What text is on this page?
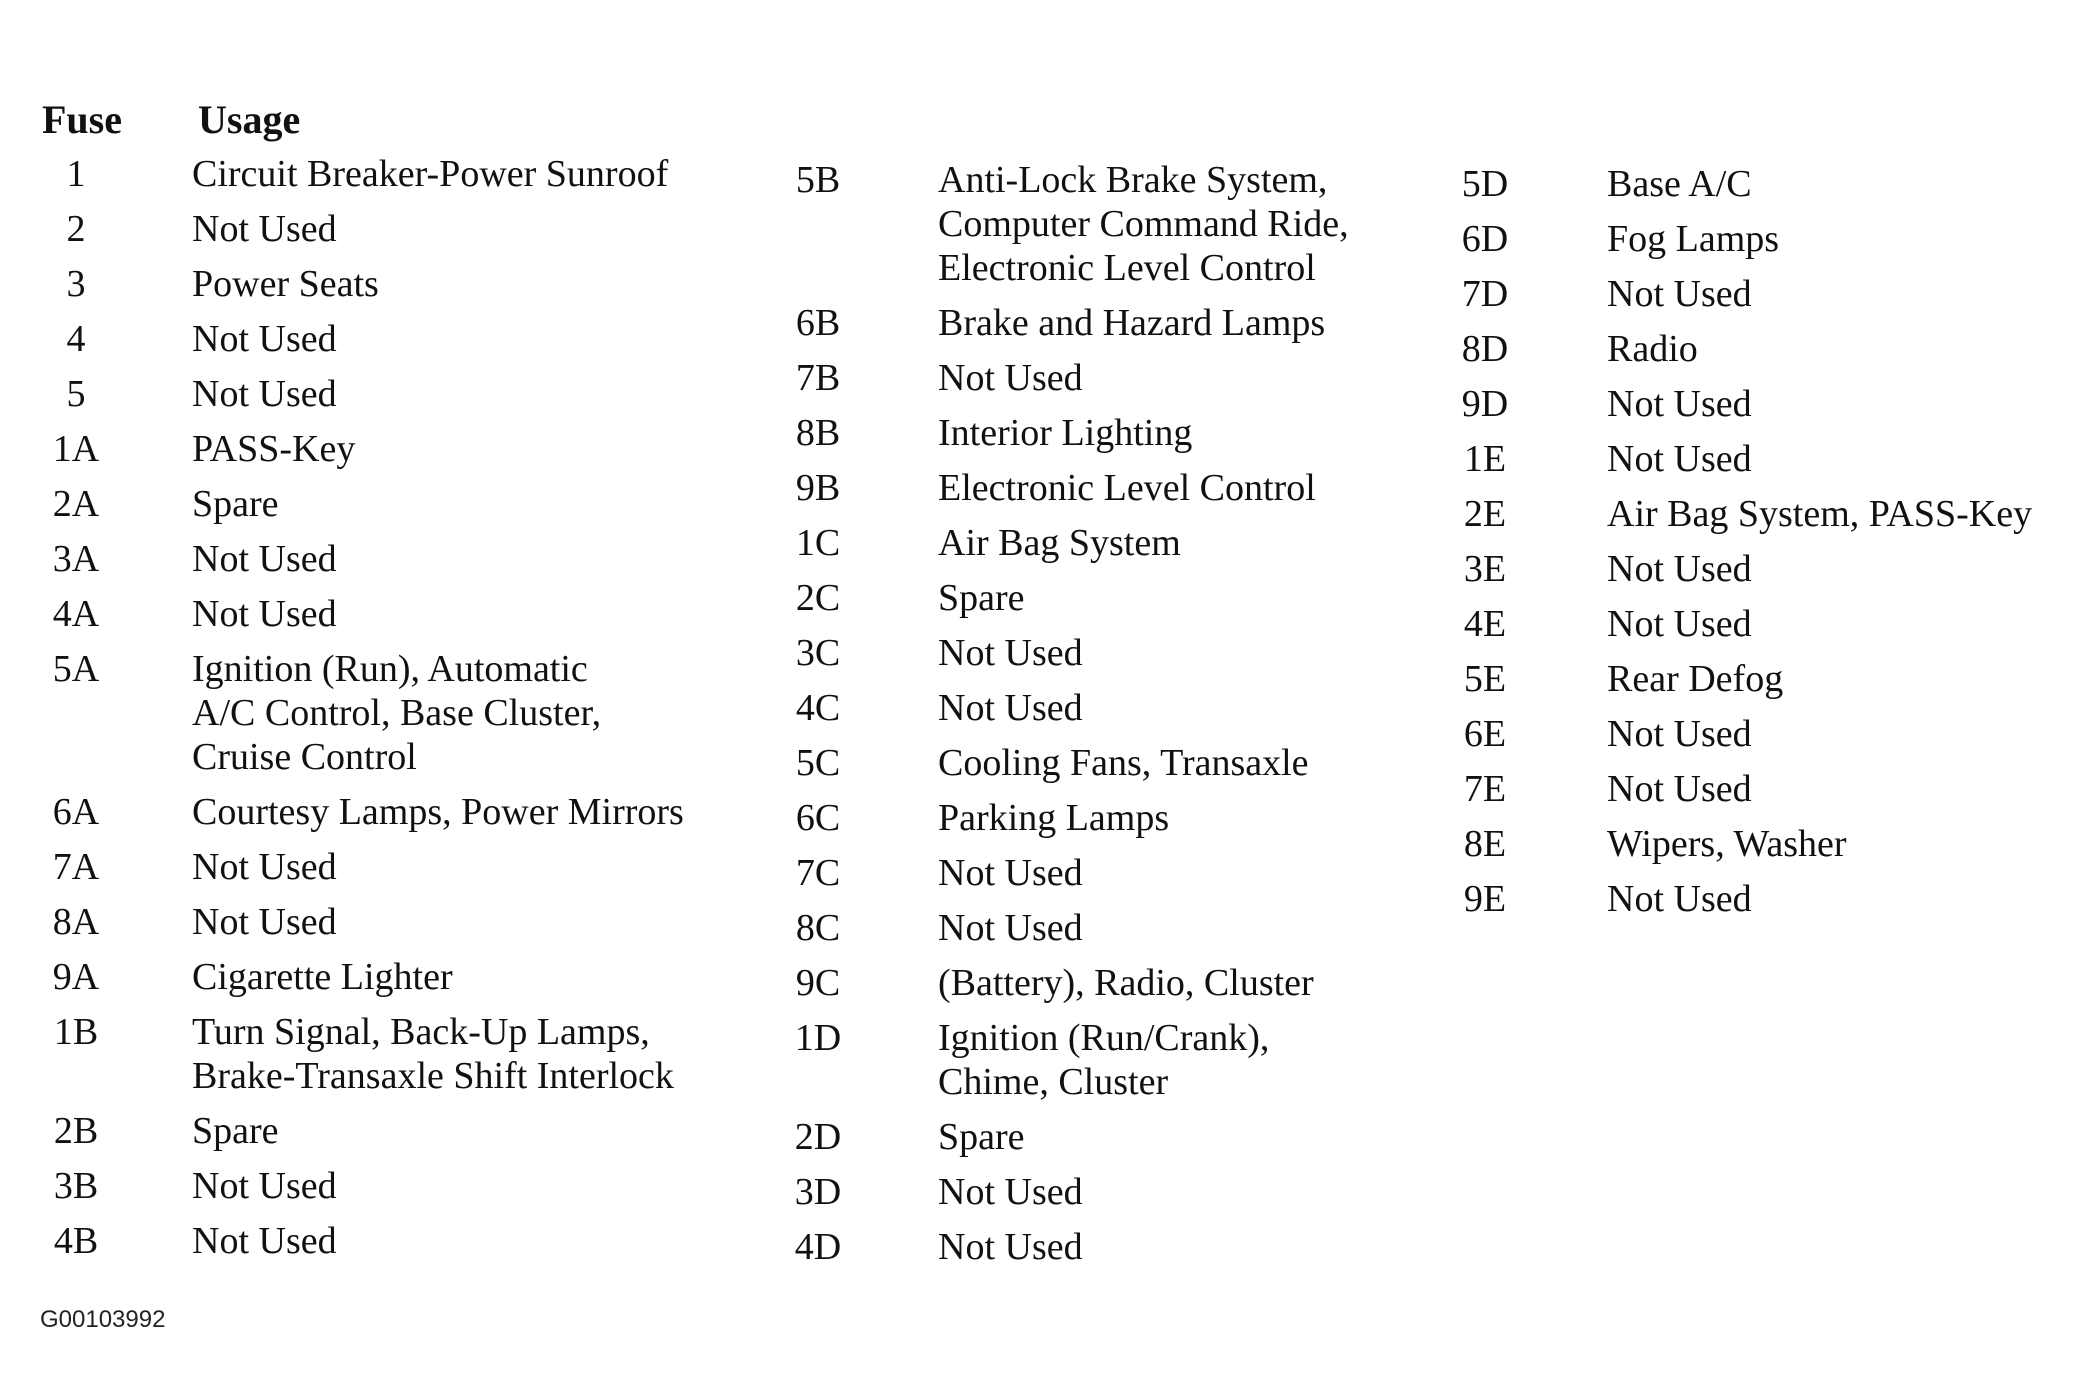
Fuse Usage
1	Circuit Breaker-Power Sunroof
2	Not Used
3	Power Seats
4	Not Used
5	Not Used
1A	PASS-Key
2A	Spare
3A	Not Used
4A	Not Used
5A	Ignition (Run), Automatic
A/C Control, Base Cluster,
Cruise Control
6A	Courtesy Lamps, Power Mirrors
7A	Not Used
8A	Not Used
9A	Cigarette Lighter
1B	Turn Signal, Back-Up Lamps,
Brake-Transaxle Shift Interlock
2B	Spare
3B	Not Used
4B	Not Used
5B	Anti-Lock Brake System,
Computer Command Ride,
Electronic Level Control
6B	Brake and Hazard Lamps
7B	Not Used
8B	Interior Lighting
9B	Electronic Level Control
1C	Air Bag System
2C	Spare
3C	Not Used
4C	Not Used
5C	Cooling Fans, Transaxle
6C	Parking Lamps
7C	Not Used
8C	Not Used
9C	(Battery), Radio, Cluster
1D	Ignition (Run/Crank),
Chime, Cluster
2D	Spare
3D	Not Used
4D	Not Used
5D	Base A/C
6D	Fog Lamps
7D	Not Used
8D	Radio
9D	Not Used
1E	Not Used
2E	Air Bag System, PASS-Key
3E	Not Used
4E	Not Used
5E	Rear Defog
6E	Not Used
7E	Not Used
8E	Wipers, Washer
9E	Not Used
G00103992
